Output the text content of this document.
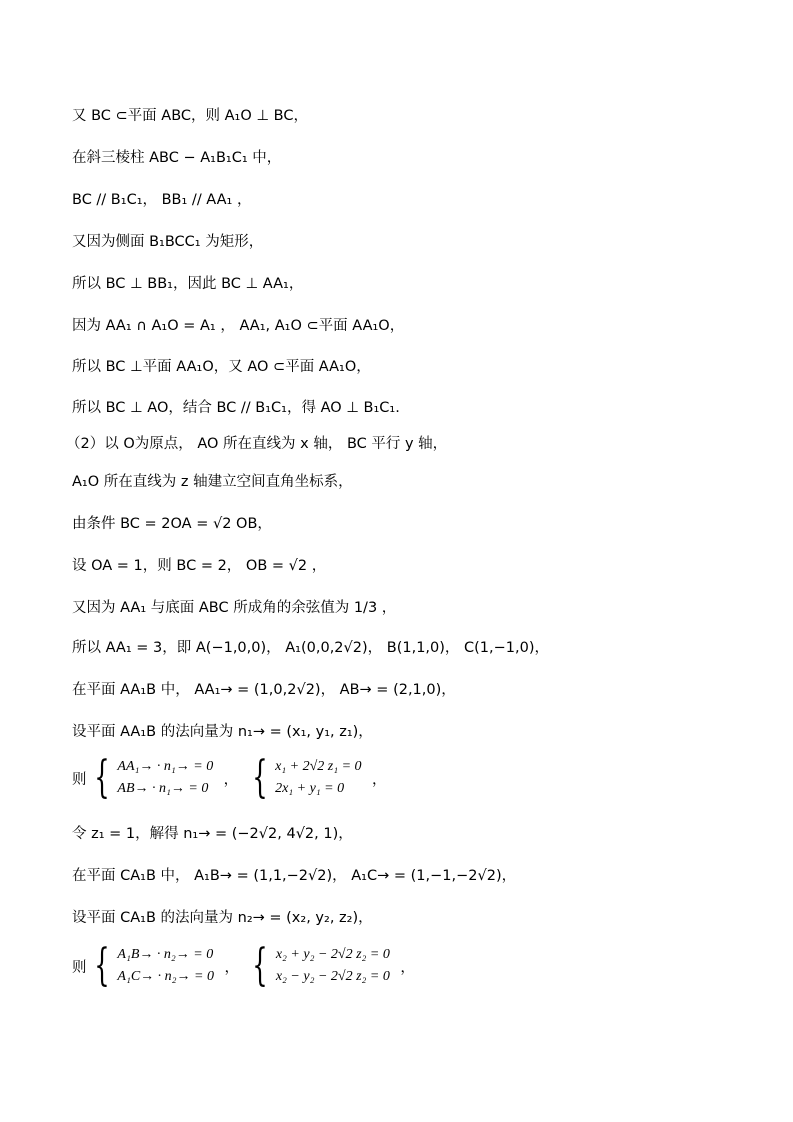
又 BC ⊂平面 ABC，则 A₁O ⊥ BC，
在斜三棱柱 ABC − A₁B₁C₁ 中，
BC // B₁C₁， BB₁ // AA₁ ，
又因为侧面 B₁BCC₁ 为矩形，
所以 BC ⊥ BB₁，因此 BC ⊥ AA₁，
因为 AA₁ ∩ A₁O = A₁ ， AA₁, A₁O ⊂平面 AA₁O，
所以 BC ⊥平面 AA₁O，又 AO ⊂平面 AA₁O，
所以 BC ⊥ AO，结合 BC // B₁C₁，得 AO ⊥ B₁C₁.
（2）以 O为原点， AO 所在直线为 x 轴， BC 平行 y 轴，
A₁O 所在直线为 z 轴建立空间直角坐标系，
由条件 BC = 2OA = √2 OB，
设 OA = 1，则 BC = 2， OB = √2 ，
又因为 AA₁ 与底面 ABC 所成角的余弦值为 1/3 ，
所以 AA₁ = 3，即 A(−1,0,0)， A₁(0,0,2√2)， B(1,1,0)， C(1,−1,0)，
在平面 AA₁B 中， AA₁→ = (1,0,2√2)， AB→ = (2,1,0)，
设平面 AA₁B 的法向量为 n₁→ = (x₁, y₁, z₁)，
则 { AA₁→ · n₁→ = 0
AB→ · n₁→ = 0 ， { x₁ + 2√2 z₁ = 0
2x₁ + y₁ = 0 ，
令 z₁ = 1，解得 n₁→ = (−2√2, 4√2, 1)，
在平面 CA₁B 中， A₁B→ = (1,1,−2√2)， A₁C→ = (1,−1,−2√2)，
设平面 CA₁B 的法向量为 n₂→ = (x₂, y₂, z₂)，
则 { A₁B→ · n₂→ = 0
A₁C→ · n₂→ = 0 ， { x₂ + y₂ − 2√2 z₂ = 0
x₂ − y₂ − 2√2 z₂ = 0 ，
